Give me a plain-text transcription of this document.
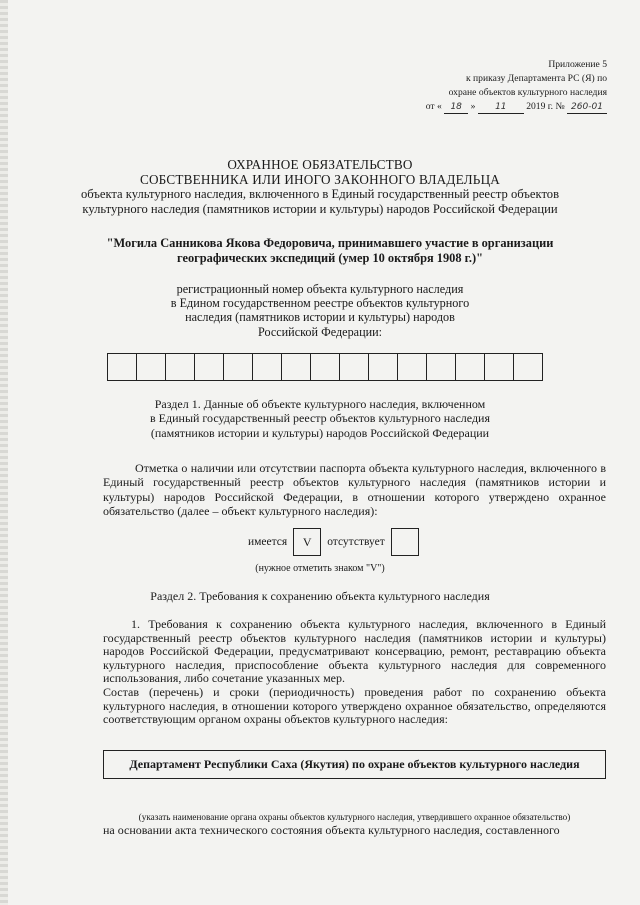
Приложение 5
к приказу Департамента РС (Я) по
охране объектов культурного наследия
от « 18 » 11 2019 г. № 260-01
ОХРАННОЕ ОБЯЗАТЕЛЬСТВО
СОБСТВЕННИКА ИЛИ ИНОГО ЗАКОННОГО ВЛАДЕЛЬЦА
объекта культурного наследия, включенного в Единый государственный реестр объектов
культурного наследия (памятников истории и культуры) народов Российской Федерации
"Могила Санникова Якова Федоровича, принимавшего участие в организации
географических экспедиций (умер 10 октября 1908 г.)"
регистрационный номер объекта культурного наследия
в Едином государственном реестре объектов культурного
наследия (памятников истории и культуры) народов
Российской Федерации:
Раздел 1. Данные об объекте культурного наследия, включенном
в Единый государственный реестр объектов культурного наследия
(памятников истории и культуры) народов Российской Федерации
Отметка о наличии или отсутствии паспорта объекта культурного наследия, включенного в Единый государственный реестр объектов культурного наследия (памятников истории и культуры) народов Российской Федерации, в отношении которого утверждено охранное обязательство (далее – объект культурного наследия):
имеется	V	отсутствует
(нужное отметить знаком "V")
Раздел 2. Требования к сохранению объекта культурного наследия

1. Требования к сохранению объекта культурного наследия, включенного в Единый государственный реестр объектов культурного наследия (памятников истории и культуры) народов Российской Федерации, предусматривают консервацию, ремонт, реставрацию объекта культурного наследия, приспособление объекта культурного наследия для современного использования, либо сочетание указанных мер.

Состав (перечень) и сроки (периодичность) проведения работ по сохранению объекта культурного наследия, в отношении которого утверждено охранное обязательство, определяются соответствующим органом охраны объектов культурного наследия:

Департамент Республики Саха (Якутия) по охране объектов культурного наследия
(указать наименование органа охраны объектов культурного наследия, утвердившего охранное обязательство)
на основании акта технического состояния объекта культурного наследия, составленного
